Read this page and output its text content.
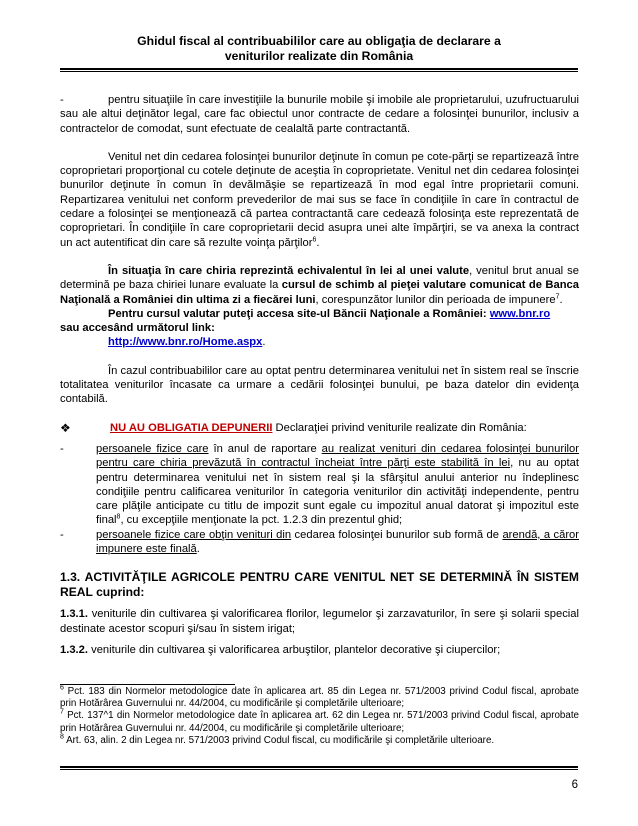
Ghidul fiscal al contribuabililor care au obligaţia de declarare a
veniturilor realizate din România

-	pentru situaţiile în care investiţiile la bunurile mobile şi imobile ale proprietarului, uzufructuarului sau ale altui deţinător legal, care fac obiectul unor contracte de cedare a folosinţei bunurilor, inclusiv a contractelor de comodat, sunt efectuate de cealaltă parte contractantă.

Venitul net din cedarea folosinţei bunurilor deţinute în comun pe cote-părţi se repartizează între coproprietari proporţional cu cotele deţinute de aceştia în coproprietate. Venitul net din cedarea folosinţei bunurilor deţinute în comun în devălmăşie se repartizează în mod egal între proprietarii comuni. Repartizarea venitului net conform prevederilor de mai sus se face în condiţiile în care în contractul de cedare a folosinţei se menţionează că partea contractantă care cedează folosinţa este reprezentată de coproprietari. În condiţiile în care coproprietarii decid asupra unei alte împărţiri, se va anexa la contract un act autentificat din care să rezulte voinţa părţilor$^6$.

În situaţia în care chiria reprezintă echivalentul în lei al unei valute, venitul brut anual se determină pe baza chiriei lunare evaluate la cursul de schimb al pieţei valutare comunicat de Banca Naţională a României din ultima zi a fiecărei luni, corespunzător lunilor din perioada de impunere$^7$.

Pentru cursul valutar puteţi accesa site-ul Băncii Naţionale a României: www.bnr.ro
sau accesând următorul link:

http://www.bnr.ro/Home.aspx.

În cazul contribuabililor care au optat pentru determinarea venitului net în sistem real se înscrie totalitatea veniturilor încasate ca urmare a cedării folosinţei bunului, pe baza datelor din evidenţa contabilă.

❖	NU AU OBLIGATIA DEPUNERII Declaraţiei privind veniturile realizate din România:
-	persoanele fizice care în anul de raportare au realizat venituri din cedarea folosinţei bunurilor pentru care chiria prevăzută în contractul încheiat între părţi este stabilită în lei, nu au optat pentru determinarea venitului net în sistem real şi la sfârşitul anului anterior nu îndeplinesc condiţiile pentru calificarea veniturilor în categoria veniturilor din activităţi independente, pentru care plăţile anticipate cu titlu de impozit sunt egale cu impozitul anual datorat şi impozitul este final$^8$, cu excepţiile menţionate la pct. 1.2.3 din prezentul ghid;
-	persoanele fizice care obţin venituri din cedarea folosinţei bunurilor sub formă de arendă, a căror impunere este finală.
1.3. ACTIVITĂŢILE AGRICOLE PENTRU CARE VENITUL NET SE DETERMINĂ ÎN SISTEM REAL cuprind:

1.3.1. veniturile din cultivarea şi valorificarea florilor, legumelor şi zarzavaturilor, în sere şi solarii special destinate acestor scopuri şi/sau în sistem irigat;

1.3.2. veniturile din cultivarea şi valorificarea arbuştilor, plantelor decorative şi ciupercilor;

$^6$ Pct. 183 din Normelor metodologice date în aplicarea art. 85 din Legea nr. 571/2003 privind Codul fiscal, aprobate prin Hotărârea Guvernului nr. 44/2004, cu modificările şi completările ulterioare;

$^7$ Pct. 137^1 din Normelor metodologice date în aplicarea art. 62 din Legea nr. 571/2003 privind Codul fiscal, aprobate prin Hotărârea Guvernului nr. 44/2004, cu modificările şi completările ulterioare;

$^8$ Art. 63, alin. 2 din Legea nr. 571/2003 privind Codul fiscal, cu modificările şi completările ulterioare.

6
